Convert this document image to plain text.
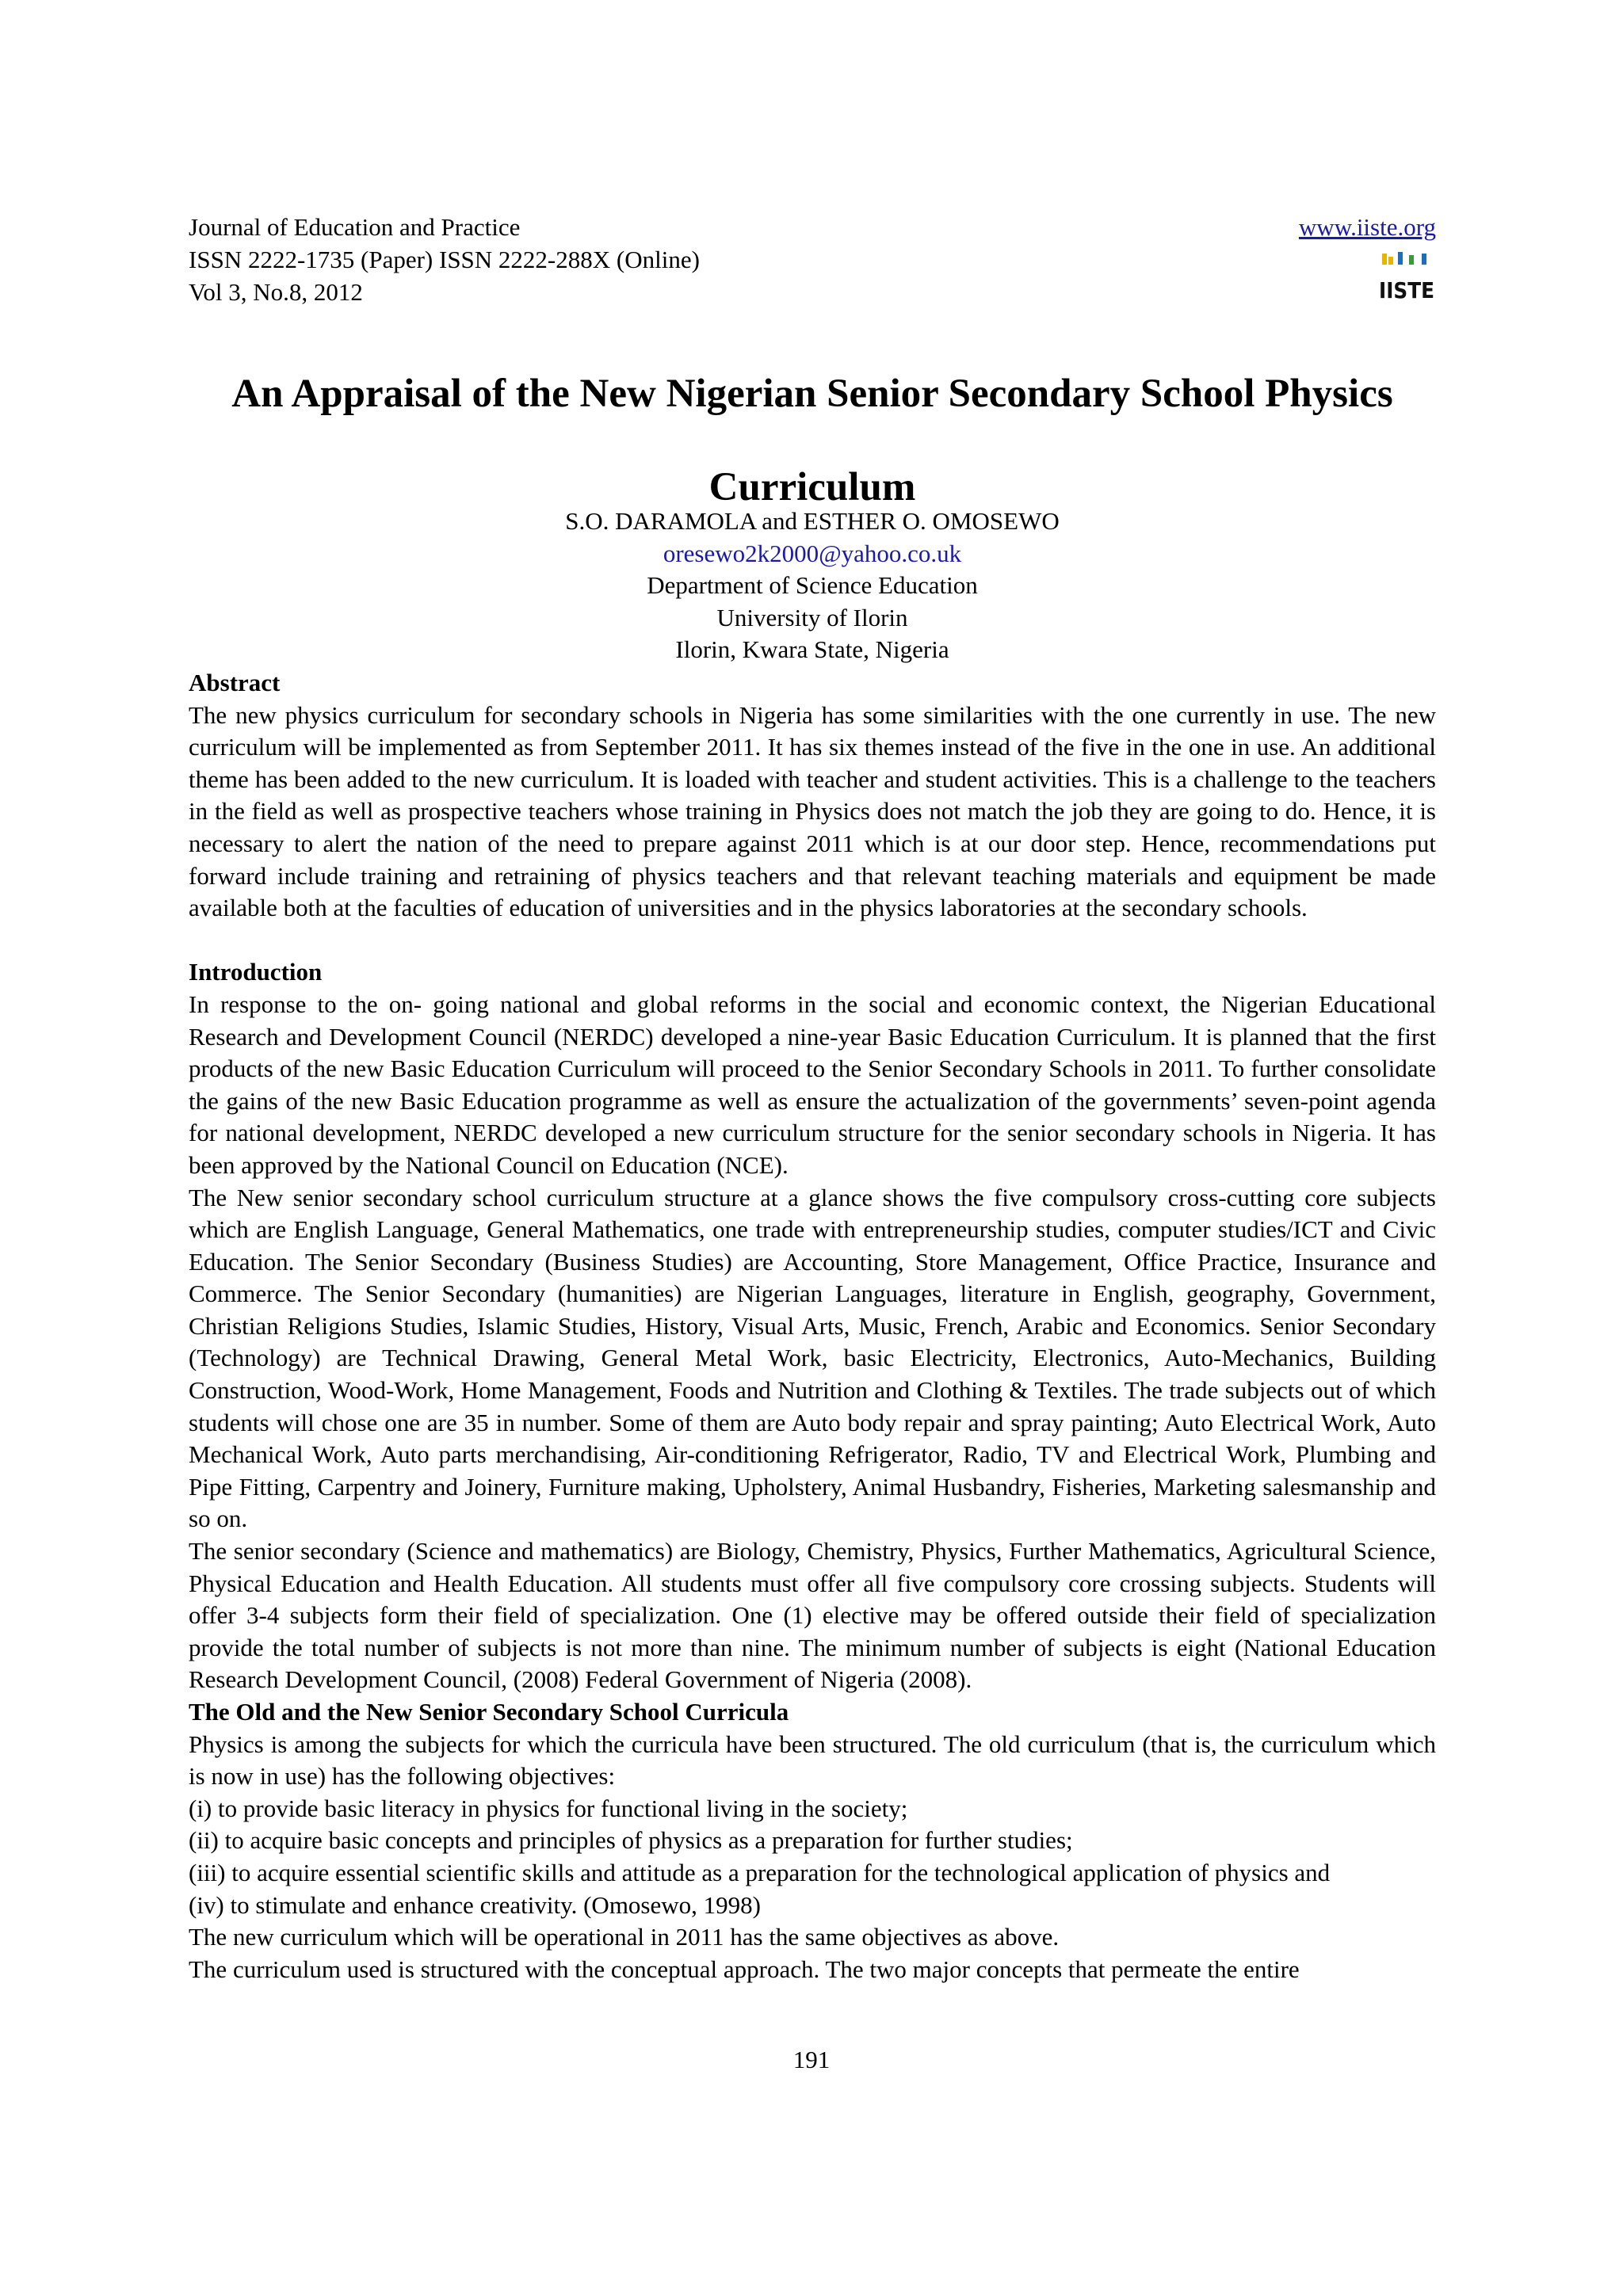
Journal of Education and Practice
ISSN 2222-1735 (Paper) ISSN 2222-288X (Online)
Vol 3, No.8, 2012
www.iiste.org
IISTE
An Appraisal of the New Nigerian Senior Secondary School Physics
Curriculum
S.O. DARAMOLA and ESTHER O. OMOSEWO
oresewo2k2000@yahoo.co.uk
Department of Science Education
University of Ilorin
Ilorin, Kwara State, Nigeria
Abstract

The new physics curriculum for secondary schools in Nigeria has some similarities with the one currently in use. The new curriculum will be implemented as from September 2011. It has six themes instead of the five in the one in use. An additional theme has been added to the new curriculum. It is loaded with teacher and student activities. This is a challenge to the teachers in the field as well as prospective teachers whose training in Physics does not match the job they are going to do. Hence, it is necessary to alert the nation of the need to prepare against 2011 which is at our door step. Hence, recommendations put forward include training and retraining of physics teachers and that relevant teaching materials and equipment be made available both at the faculties of education of universities and in the physics laboratories at the secondary schools.

Introduction

In response to the on- going national and global reforms in the social and economic context, the Nigerian Educational Research and Development Council (NERDC) developed a nine-year Basic Education Curriculum. It is planned that the first products of the new Basic Education Curriculum will proceed to the Senior Secondary Schools in 2011. To further consolidate the gains of the new Basic Education programme as well as ensure the actualization of the governments’ seven-point agenda for national development, NERDC developed a new curriculum structure for the senior secondary schools in Nigeria. It has been approved by the National Council on Education (NCE).

The New senior secondary school curriculum structure at a glance shows the five compulsory cross-cutting core subjects which are English Language, General Mathematics, one trade with entrepreneurship studies, computer studies/ICT and Civic Education. The Senior Secondary (Business Studies) are Accounting, Store Management, Office Practice, Insurance and Commerce. The Senior Secondary (humanities) are Nigerian Languages, literature in English, geography, Government, Christian Religions Studies, Islamic Studies, History, Visual Arts, Music, French, Arabic and Economics. Senior Secondary (Technology) are Technical Drawing, General Metal Work, basic Electricity, Electronics, Auto-Mechanics, Building Construction, Wood-Work, Home Management, Foods and Nutrition and Clothing & Textiles. The trade subjects out of which students will chose one are 35 in number. Some of them are Auto body repair and spray painting; Auto Electrical Work, Auto Mechanical Work, Auto parts merchandising, Air-conditioning Refrigerator, Radio, TV and Electrical Work, Plumbing and Pipe Fitting, Carpentry and Joinery, Furniture making, Upholstery, Animal Husbandry, Fisheries, Marketing salesmanship and so on.

The senior secondary (Science and mathematics) are Biology, Chemistry, Physics, Further Mathematics, Agricultural Science, Physical Education and Health Education. All students must offer all five compulsory core crossing subjects. Students will offer 3-4 subjects form their field of specialization. One (1) elective may be offered outside their field of specialization provide the total number of subjects is not more than nine. The minimum number of subjects is eight (National Education Research Development Council, (2008) Federal Government of Nigeria (2008).

The Old and the New Senior Secondary School Curricula

Physics is among the subjects for which the curricula have been structured. The old curriculum (that is, the curriculum which is now in use) has the following objectives:

(i) to provide basic literacy in physics for functional living in the society;
(ii) to acquire basic concepts and principles of physics as a preparation for further studies;
(iii) to acquire essential scientific skills and attitude as a preparation for the technological application of physics and
(iv) to stimulate and enhance creativity. (Omosewo, 1998)

The new curriculum which will be operational in 2011 has the same objectives as above.

The curriculum used is structured with the conceptual approach. The two major concepts that permeate the entire

191
